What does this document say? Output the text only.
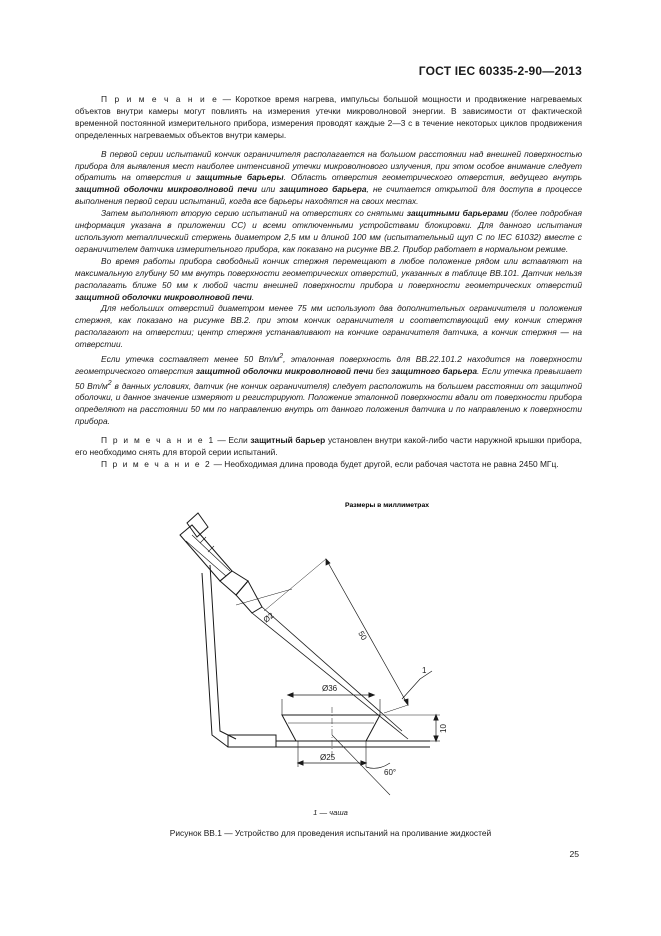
ГОСТ IEC 60335-2-90—2013

П р и м е ч а н и е — Короткое время нагрева, импульсы большой мощности и продвижение нагреваемых объектов внутри камеры могут повлиять на измерения утечки микроволновой энергии. В зависимости от фактической временной постоянной измерительного прибора, измерения проводят каждые 2—3 с в течение некоторых циклов продвижения определенных нагреваемых объектов внутри камеры.

В первой серии испытаний кончик ограничителя располагается на большом расстоянии над внешней поверхностью прибора для выявления мест наиболее интенсивной утечки микроволнового излучения, при этом особое внимание следует обратить на отверстия и защитные барьеры. Область отверстия геометрического отверстия, ведущего внутрь защитной оболочки микроволновой печи или защитного барьера, не считается открытой для доступа в процессе выполнения первой серии испытаний, когда все барьеры находятся на своих местах.

Затем выполняют вторую серию испытаний на отверстиях со снятыми защитными барьерами (более подробная информация указана в приложении CC) и всеми отключенными устройствами блокировки. Для данного испытания используют металлический стержень диаметром 2,5 мм и длиной 100 мм (испытательный щуп С по IEC 61032) вместе с ограничителем датчика измерительного прибора, как показано на рисунке BB.2. Прибор работает в нормальном режиме.

Во время работы прибора свободный кончик стержня перемещают в любое положение рядом или вставляют на максимальную глубину 50 мм внутрь поверхности геометрических отверстий, указанных в таблице BB.101. Датчик нельзя располагать ближе 50 мм к любой части внешней поверхности прибора и поверхности геометрических отверстий защитной оболочки микроволновой печи.

Для небольших отверстий диаметром менее 75 мм используют два дополнительных ограничителя и положения стержня, как показано на рисунке BB.2. при этом кончик ограничителя и соответствующий ему кончик стержня располагают на отверстии; центр стержня устанавливают на кончике ограничителя датчика, а кончик стержня — на отверстии.

Если утечка составляет менее 50 $Вт/м^2$, эталонная поверхность для BB.22.101.2 находится на поверхности геометрического отверстия защитной оболочки микроволновой печи без защитного барьера. Если утечка превышает 50 $Вт/м^2$ в данных условиях, датчик (не кончик ограничителя) следует расположить на большем расстоянии от защитной оболочки, и данное значение измеряют и регистрируют. Положение эталонной поверхности вдали от поверхности прибора определяют на расстоянии 50 мм по направлению внутрь от данного положения датчика и по направлению к поверхности прибора.

П р и м е ч а н и е 1 — Если защитный барьер установлен внутри какой-либо части наружной крышки прибора, его необходимо снять для второй серии испытаний.

П р и м е ч а н и е 2 — Необходимая длина провода будет другой, если рабочая частота не равна 2450 МГц.

Размеры в миллиметрах
Ø2
50
Ø36
Ø25
10
60°
1
1 — чаша
Рисунок BB.1 — Устройство для проведения испытаний на проливание жидкостей
25
